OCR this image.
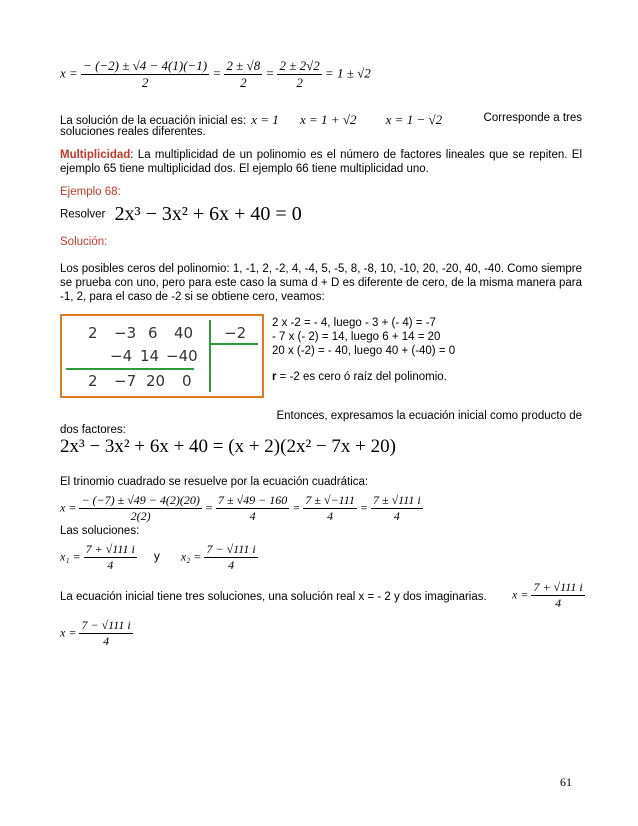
$x = \frac{- (-2) \pm √4 - 4(1)(-1)}{2} = \frac{2 \pm √8}{2} = \frac{2 \pm 2√2}{2} = 1 \pm √2$
La solución de la ecuación inicial es: x = 1 x = 1 + √2 x = 1 − √2	Corresponde a tres
soluciones reales diferentes.
Multiplicidad: La multiplicidad de un polinomio es el número de factores lineales que se repiten. El ejemplo 65 tiene multiplicidad dos. El ejemplo 66 tiene multiplicidad uno.
Ejemplo 68:
Resolver 2x³ − 3x² + 6x + 40 = 0
Solución:
Los posibles ceros del polinomio: 1, -1, 2, -2, 4, -4, 5, -5, 8, -8, 10, -10, 20, -20, 40, -40. Como siempre se prueba con uno, pero para este caso la suma d + D es diferente de cero, de la misma manera para -1, 2, para el caso de -2 si se obtiene cero, veamos:
2 −3 6 40 −2
−4 14 −40
2 −7 20 0
2 x -2 = - 4, luego - 3 + (- 4) = -7
- 7 x (- 2) = 14, luego 6 + 14 = 20
20 x (-2) = - 40, luego 40 + (-40) = 0
r = -2 es cero ó raíz del polinomio.
Entonces, expresamos la ecuación inicial como producto de
dos factores:
2x³ − 3x² + 6x + 40 = (x + 2)(2x² − 7x + 20)
El trinomio cuadrado se resuelve por la ecuación cuadrática:
$x = \frac{- (-7) \pm √49 - 4(2)(20)}{2(2)} = \frac{7 \pm √49 - 160}{4} = \frac{7 \pm √-111}{4} = \frac{7 \pm √111 i}{4}$
Las soluciones:
$x_1 = \frac{7 + √111 i}{4}$ y $x_2 = \frac{7 - √111 i}{4}$
La ecuación inicial tiene tres soluciones, una solución real x = - 2 y dos imaginarias. $x = \frac{7 + √111 i}{4}$
$x = \frac{7 - √111 i}{4}$
61
